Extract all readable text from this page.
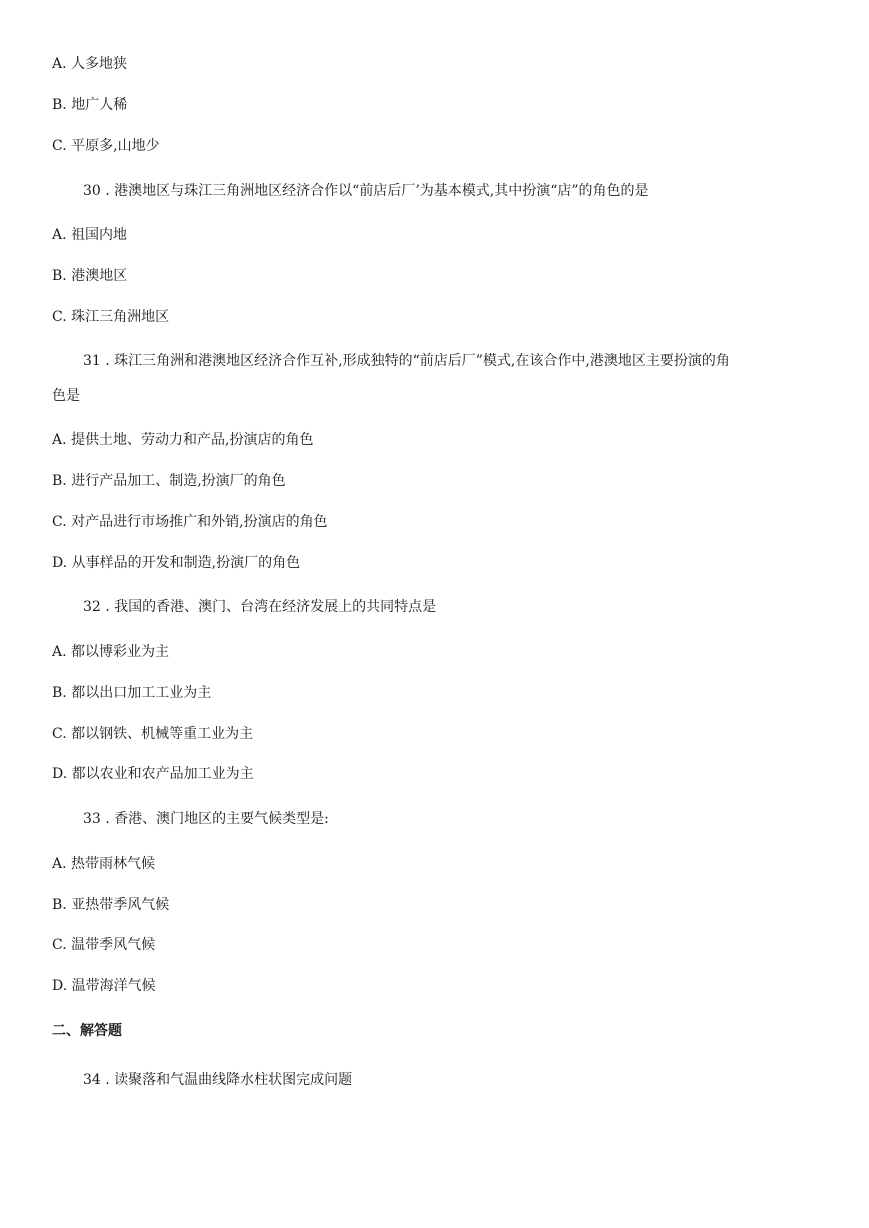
A. 人多地狭

B. 地广人稀

C. 平原多,山地少

30 . 港澳地区与珠江三角洲地区经济合作以“前店后厂’为基本模式,其中扮演“店”的角色的是

A. 祖国内地

B. 港澳地区

C. 珠江三角洲地区

31 . 珠江三角洲和港澳地区经济合作互补,形成独特的“前店后厂”模式,在该合作中,港澳地区主要扮演的角

色是

A. 提供土地、劳动力和产品,扮演店的角色

B. 进行产品加工、制造,扮演厂的角色

C. 对产品进行市场推广和外销,扮演店的角色

D. 从事样品的开发和制造,扮演厂的角色

32 . 我国的香港、澳门、台湾在经济发展上的共同特点是

A. 都以博彩业为主

B. 都以出口加工工业为主

C. 都以钢铁、机械等重工业为主

D. 都以农业和农产品加工业为主

33 . 香港、澳门地区的主要气候类型是:

A. 热带雨林气候

B. 亚热带季风气候

C. 温带季风气候

D. 温带海洋气候

二、解答题

34 . 读聚落和气温曲线降水柱状图完成问题
